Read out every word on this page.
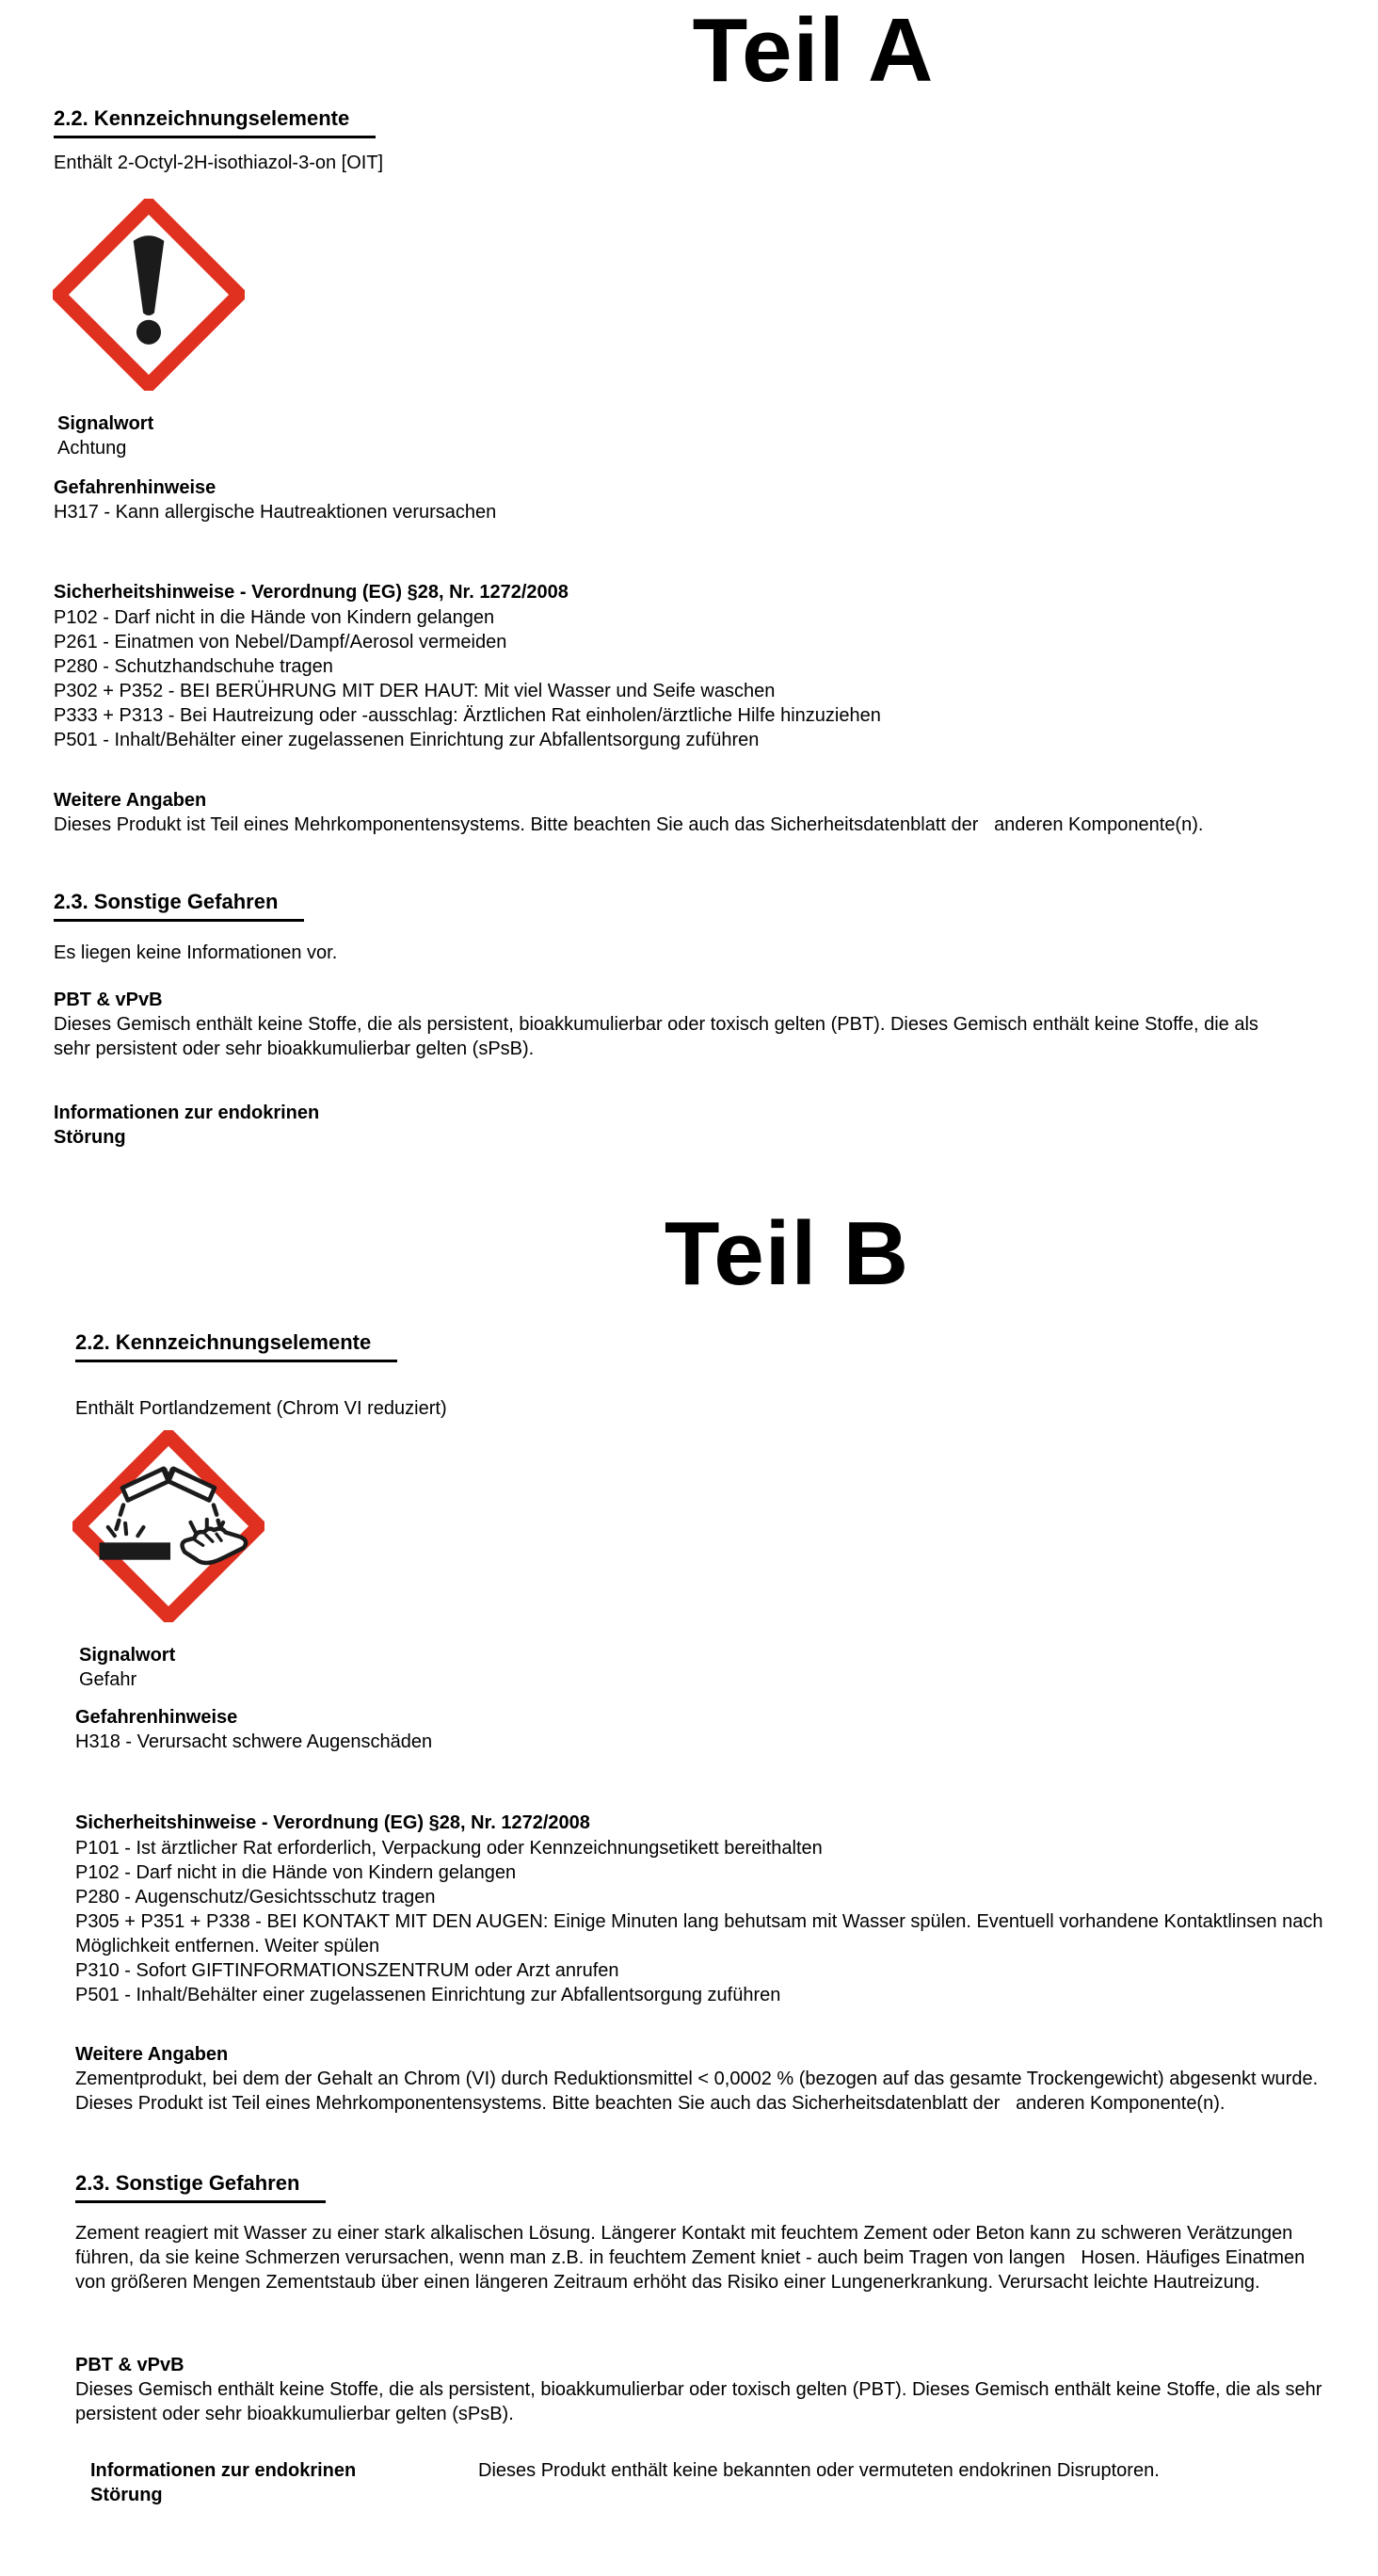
Teil A
2.2. Kennzeichnungselemente
Enthält 2-Octyl-2H-isothiazol-3-on [OIT]
Signalwort
Achtung
Gefahrenhinweise
H317 - Kann allergische Hautreaktionen verursachen
Sicherheitshinweise - Verordnung (EG) §28, Nr. 1272/2008
P102 - Darf nicht in die Hände von Kindern gelangen
P261 - Einatmen von Nebel/Dampf/Aerosol vermeiden
P280 - Schutzhandschuhe tragen
P302 + P352 - BEI BERÜHRUNG MIT DER HAUT: Mit viel Wasser und Seife waschen
P333 + P313 - Bei Hautreizung oder -ausschlag: Ärztlichen Rat einholen/ärztliche Hilfe hinzuziehen
P501 - Inhalt/Behälter einer zugelassenen Einrichtung zur Abfallentsorgung zuführen
Weitere Angaben
Dieses Produkt ist Teil eines Mehrkomponentensystems. Bitte beachten Sie auch das Sicherheitsdatenblatt der   anderen Komponente(n).
2.3. Sonstige Gefahren
Es liegen keine Informationen vor.
PBT & vPvB
Dieses Gemisch enthält keine Stoffe, die als persistent, bioakkumulierbar oder toxisch gelten (PBT). Dieses Gemisch enthält keine Stoffe, die als sehr persistent oder sehr bioakkumulierbar gelten (sPsB).
Informationen zur endokrinen Störung
Teil B
2.2. Kennzeichnungselemente
Enthält Portlandzement (Chrom VI reduziert)
Signalwort
Gefahr
Gefahrenhinweise
H318 - Verursacht schwere Augenschäden
Sicherheitshinweise - Verordnung (EG) §28, Nr. 1272/2008
P101 - Ist ärztlicher Rat erforderlich, Verpackung oder Kennzeichnungsetikett bereithalten
P102 - Darf nicht in die Hände von Kindern gelangen
P280 - Augenschutz/Gesichtsschutz tragen
P305 + P351 + P338 - BEI KONTAKT MIT DEN AUGEN: Einige Minuten lang behutsam mit Wasser spülen. Eventuell vorhandene Kontaktlinsen nach Möglichkeit entfernen. Weiter spülen
P310 - Sofort GIFTINFORMATIONSZENTRUM oder Arzt anrufen
P501 - Inhalt/Behälter einer zugelassenen Einrichtung zur Abfallentsorgung zuführen
Weitere Angaben
Zementprodukt, bei dem der Gehalt an Chrom (VI) durch Reduktionsmittel < 0,0002 % (bezogen auf das gesamte Trockengewicht) abgesenkt wurde. Dieses Produkt ist Teil eines Mehrkomponentensystems. Bitte beachten Sie auch das Sicherheitsdatenblatt der   anderen Komponente(n).
2.3. Sonstige Gefahren
Zement reagiert mit Wasser zu einer stark alkalischen Lösung. Längerer Kontakt mit feuchtem Zement oder Beton kann zu schweren Verätzungen führen, da sie keine Schmerzen verursachen, wenn man z.B. in feuchtem Zement kniet - auch beim Tragen von langen   Hosen. Häufiges Einatmen von größeren Mengen Zementstaub über einen längeren Zeitraum erhöht das Risiko einer Lungenerkrankung. Verursacht leichte Hautreizung.
PBT & vPvB
Dieses Gemisch enthält keine Stoffe, die als persistent, bioakkumulierbar oder toxisch gelten (PBT). Dieses Gemisch enthält keine Stoffe, die als sehr persistent oder sehr bioakkumulierbar gelten (sPsB).
Informationen zur endokrinen Störung
Dieses Produkt enthält keine bekannten oder vermuteten endokrinen Disruptoren.
